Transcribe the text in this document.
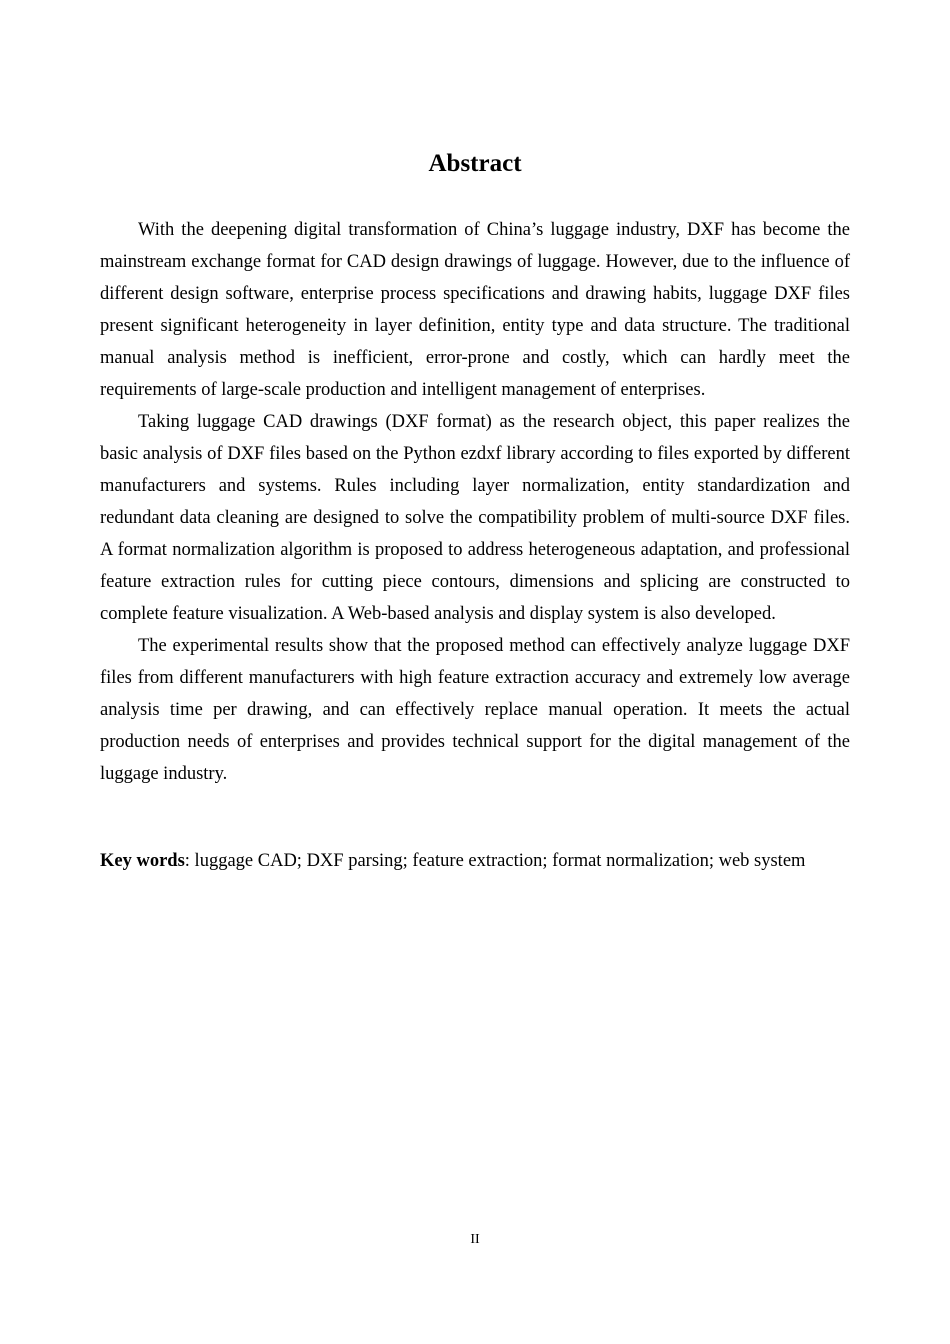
Abstract

With the deepening digital transformation of China’s luggage industry, DXF has become the mainstream exchange format for CAD design drawings of luggage. However, due to the influence of different design software, enterprise process specifications and drawing habits, luggage DXF files present significant heterogeneity in layer definition, entity type and data structure. The traditional manual analysis method is inefficient, error-prone and costly, which can hardly meet the requirements of large-scale production and intelligent management of enterprises.

Taking luggage CAD drawings (DXF format) as the research object, this paper realizes the basic analysis of DXF files based on the Python ezdxf library according to files exported by different manufacturers and systems. Rules including layer normalization, entity standardization and redundant data cleaning are designed to solve the compatibility problem of multi-source DXF files. A format normalization algorithm is proposed to address heterogeneous adaptation, and professional feature extraction rules for cutting piece contours, dimensions and splicing are constructed to complete feature visualization. A Web-based analysis and display system is also developed.

The experimental results show that the proposed method can effectively analyze luggage DXF files from different manufacturers with high feature extraction accuracy and extremely low average analysis time per drawing, and can effectively replace manual operation. It meets the actual production needs of enterprises and provides technical support for the digital management of the luggage industry.

Key words: luggage CAD; DXF parsing; feature extraction; format normalization; web system

II
